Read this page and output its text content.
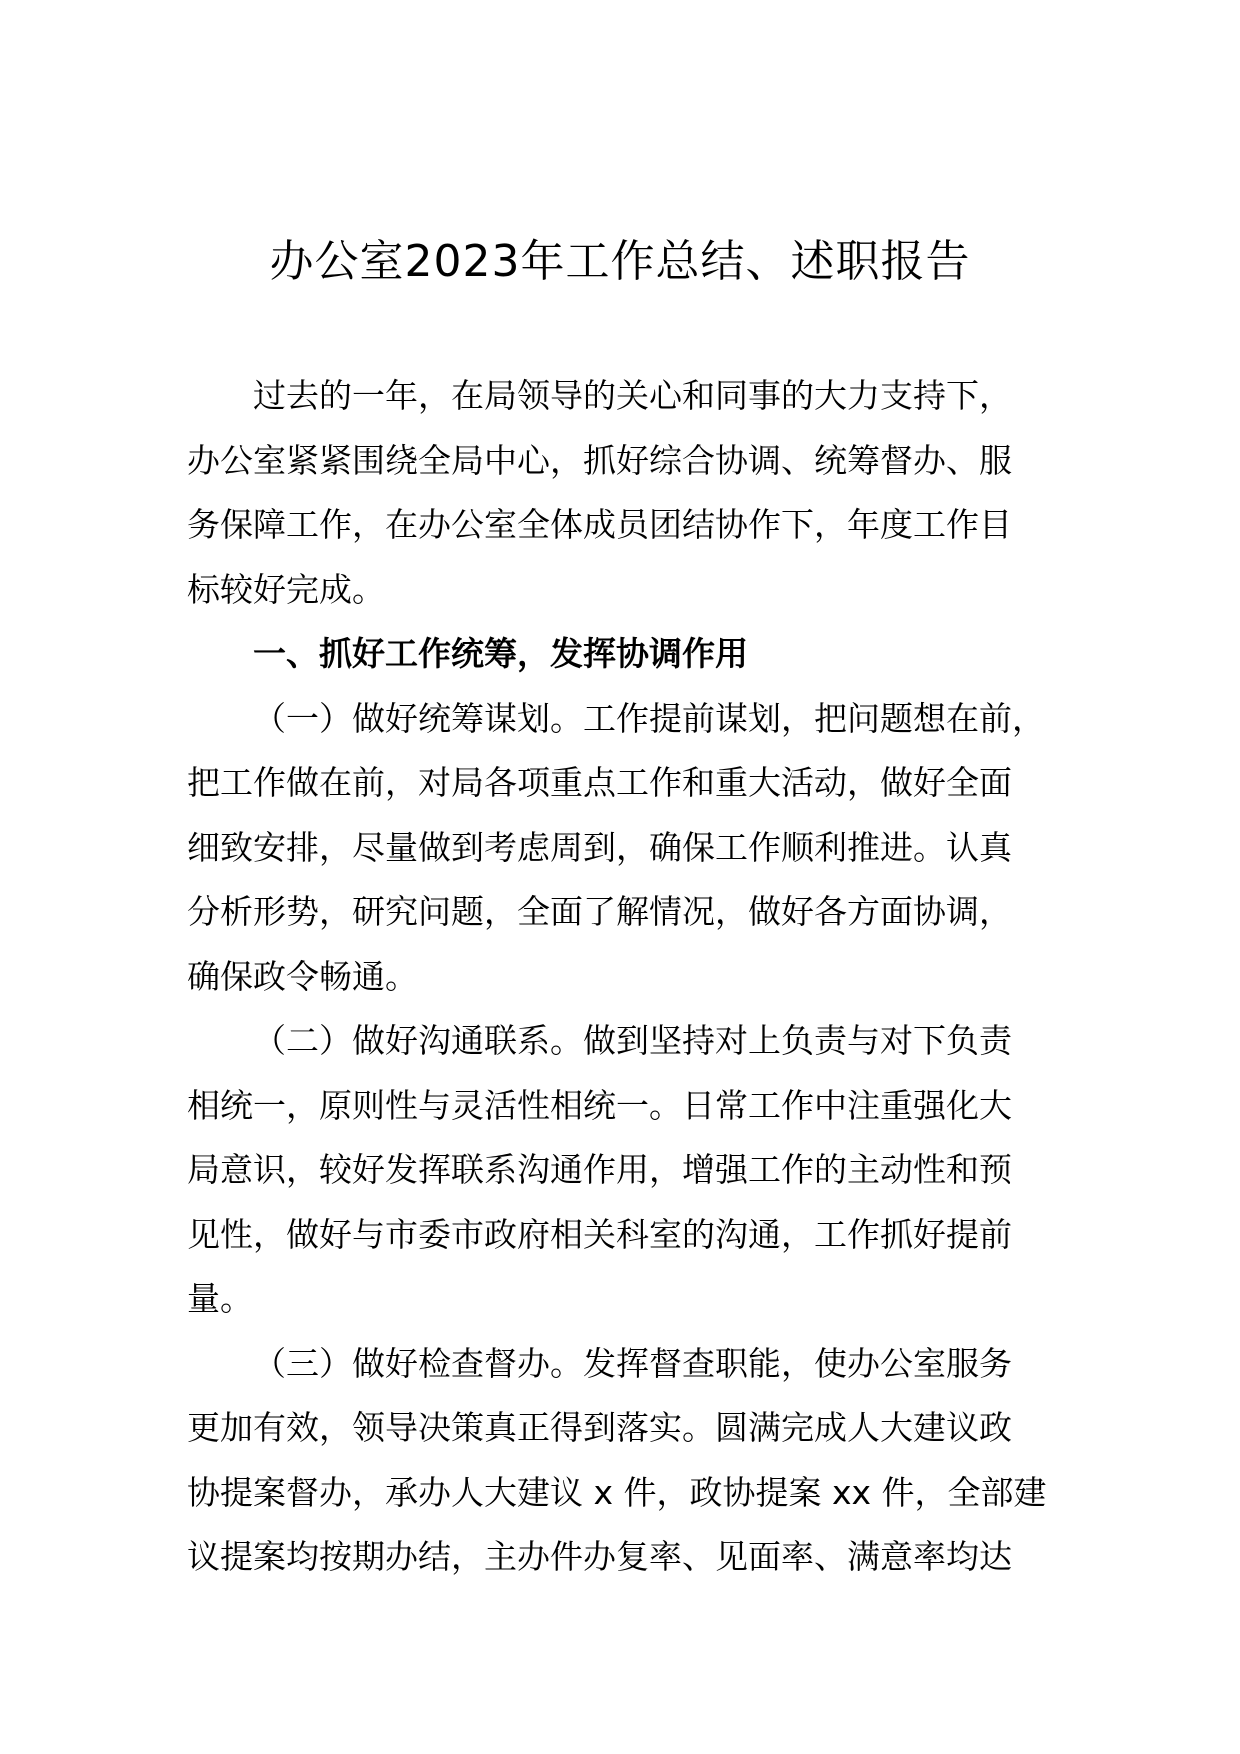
办公室2023年工作总结、述职报告
过去的一年，在局领导的关心和同事的大力支持下，
办公室紧紧围绕全局中心，抓好综合协调、统筹督办、服
务保障工作，在办公室全体成员团结协作下，年度工作目
标较好完成。
一、抓好工作统筹，发挥协调作用
（一）做好统筹谋划。工作提前谋划，把问题想在前，
把工作做在前，对局各项重点工作和重大活动，做好全面
细致安排，尽量做到考虑周到，确保工作顺利推进。认真
分析形势，研究问题，全面了解情况，做好各方面协调，
确保政令畅通。
（二）做好沟通联系。做到坚持对上负责与对下负责
相统一，原则性与灵活性相统一。日常工作中注重强化大
局意识，较好发挥联系沟通作用，增强工作的主动性和预
见性，做好与市委市政府相关科室的沟通，工作抓好提前
量。
（三）做好检查督办。发挥督查职能，使办公室服务
更加有效，领导决策真正得到落实。圆满完成人大建议政
协提案督办，承办人大建议 x 件，政协提案 xx 件，全部建
议提案均按期办结，主办件办复率、见面率、满意率均达
